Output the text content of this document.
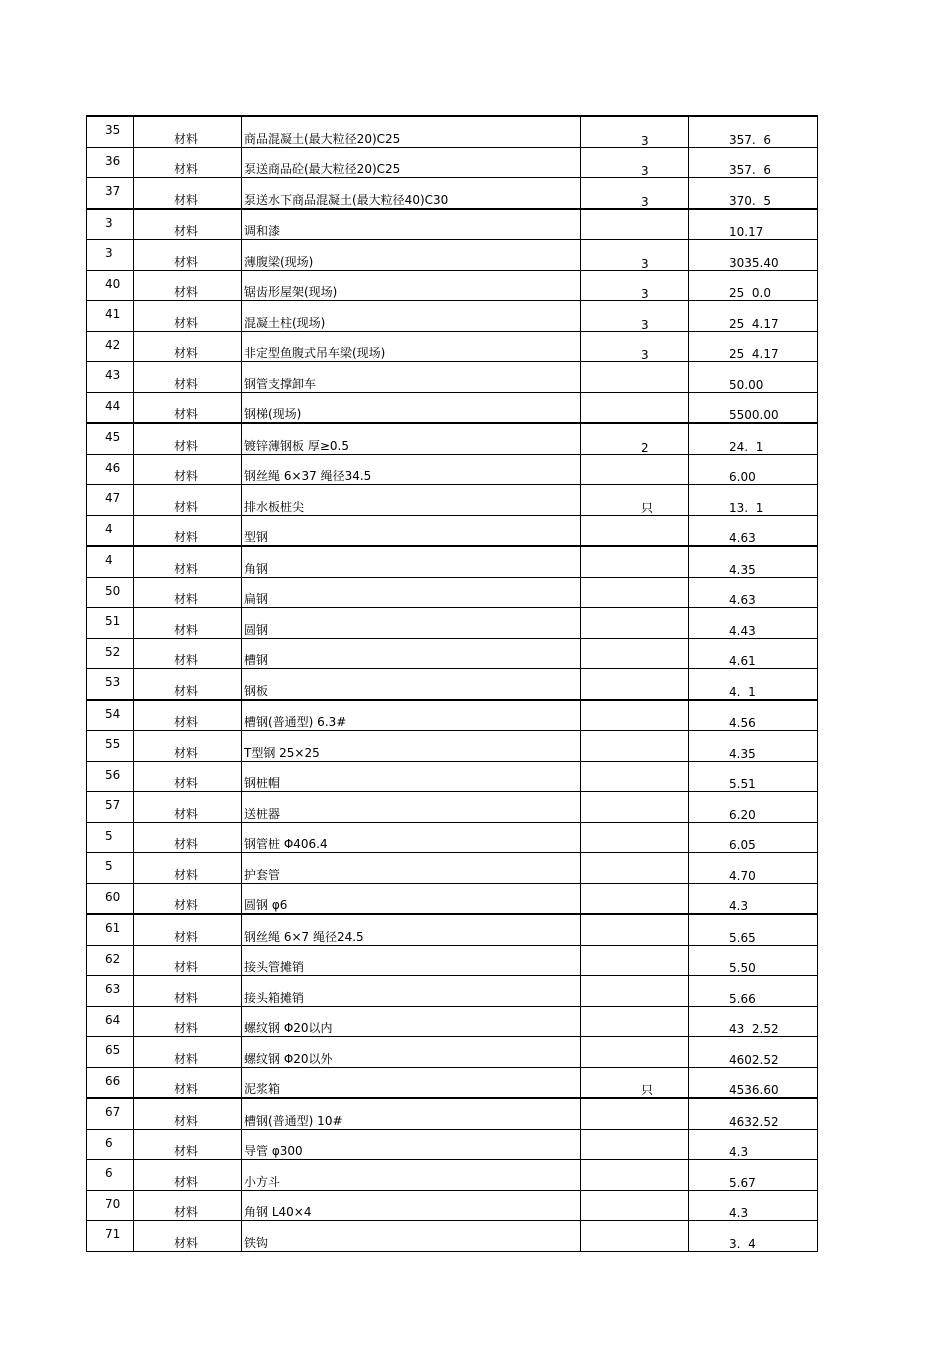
35	材料	商品混凝土(最大粒径20)C25	3	357.  6

36	材料	泵送商品砼(最大粒径20)C25	3	357.  6

37	材料	泵送水下商品混凝土(最大粒径40)C30	3	370.  5

3	材料	调和漆		10.17

3	材料	薄腹梁(现场)	3	3035.40

40	材料	锯齿形屋架(现场)	3	25  0.0

41	材料	混凝土柱(现场)	3	25  4.17

42	材料	非定型鱼腹式吊车梁(现场)	3	25  4.17

43	材料	钢管支撑卸车		50.00

44	材料	钢梯(现场)		5500.00

45	材料	镀锌薄钢板 厚≥0.5	2	24.  1

46	材料	钢丝绳 6×37 绳径34.5		6.00

47	材料	排水板桩尖	只	13.  1

4	材料	型钢		4.63

4	材料	角钢		4.35

50	材料	扁钢		4.63

51	材料	圆钢		4.43

52	材料	槽钢		4.61

53	材料	钢板		4.  1

54	材料	槽钢(普通型) 6.3#		4.56

55	材料	T型钢 25×25		4.35

56	材料	钢桩帽		5.51

57	材料	送桩器		6.20

5	材料	钢管桩 Φ406.4		6.05

5	材料	护套管		4.70

60	材料	圆钢 φ6		4.3

61	材料	钢丝绳 6×7 绳径24.5		5.65

62	材料	接头管摊销		5.50

63	材料	接头箱摊销		5.66

64	材料	螺纹钢 Φ20以内		43  2.52

65	材料	螺纹钢 Φ20以外		4602.52

66	材料	泥浆箱	只	4536.60

67	材料	槽钢(普通型) 10#		4632.52

6	材料	导管 φ300		4.3

6	材料	小方斗		5.67

70	材料	角钢 L40×4		4.3

71	材料	铁钩		3.  4
